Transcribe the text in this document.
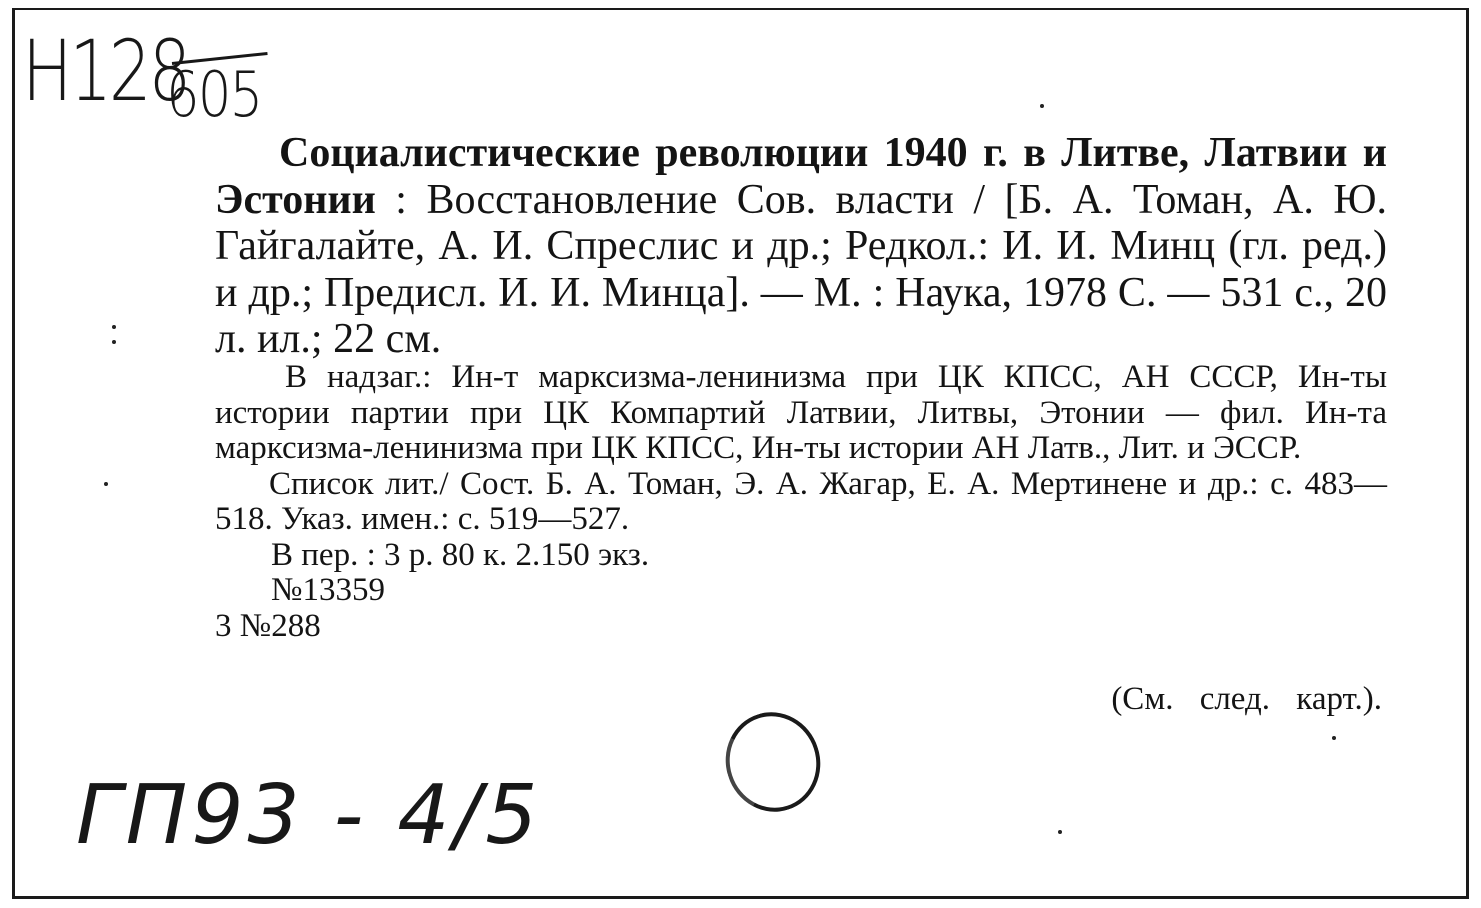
Н128
605
Социалистические революции 1940 г. в Литве, Латвии и Эстонии : Восстановление Сов. власти / [Б. А. Томан, А. Ю. Гайгалайте, А. И. Спреслис и др.; Редкол.: И. И. Минц (гл. ред.) и др.; Предисл. И. И. Минца]. — М. : Наука, 1978 С. — 531 с., 20 л. ил.; 22 см.

В надзаг.: Ин-т марксизма-ленинизма при ЦК КПСС, АН СССР, Ин-ты истории партии при ЦК Компартий Латвии, Литвы, Этонии — фил. Ин-та марксизма-ленинизма при ЦК КПСС, Ин-ты истории АН Латв., Лит. и ЭССР.

Список лит./ Сост. Б. А. Томан, Э. А. Жагар, Е. А. Мертинене и др.: с. 483—518. Указ. имен.: с. 519—527.

В пер. : 3 р. 80 к. 2.150 экз.

№13359

3 №288

(См. след. карт.).
ГП93 - 4/5
